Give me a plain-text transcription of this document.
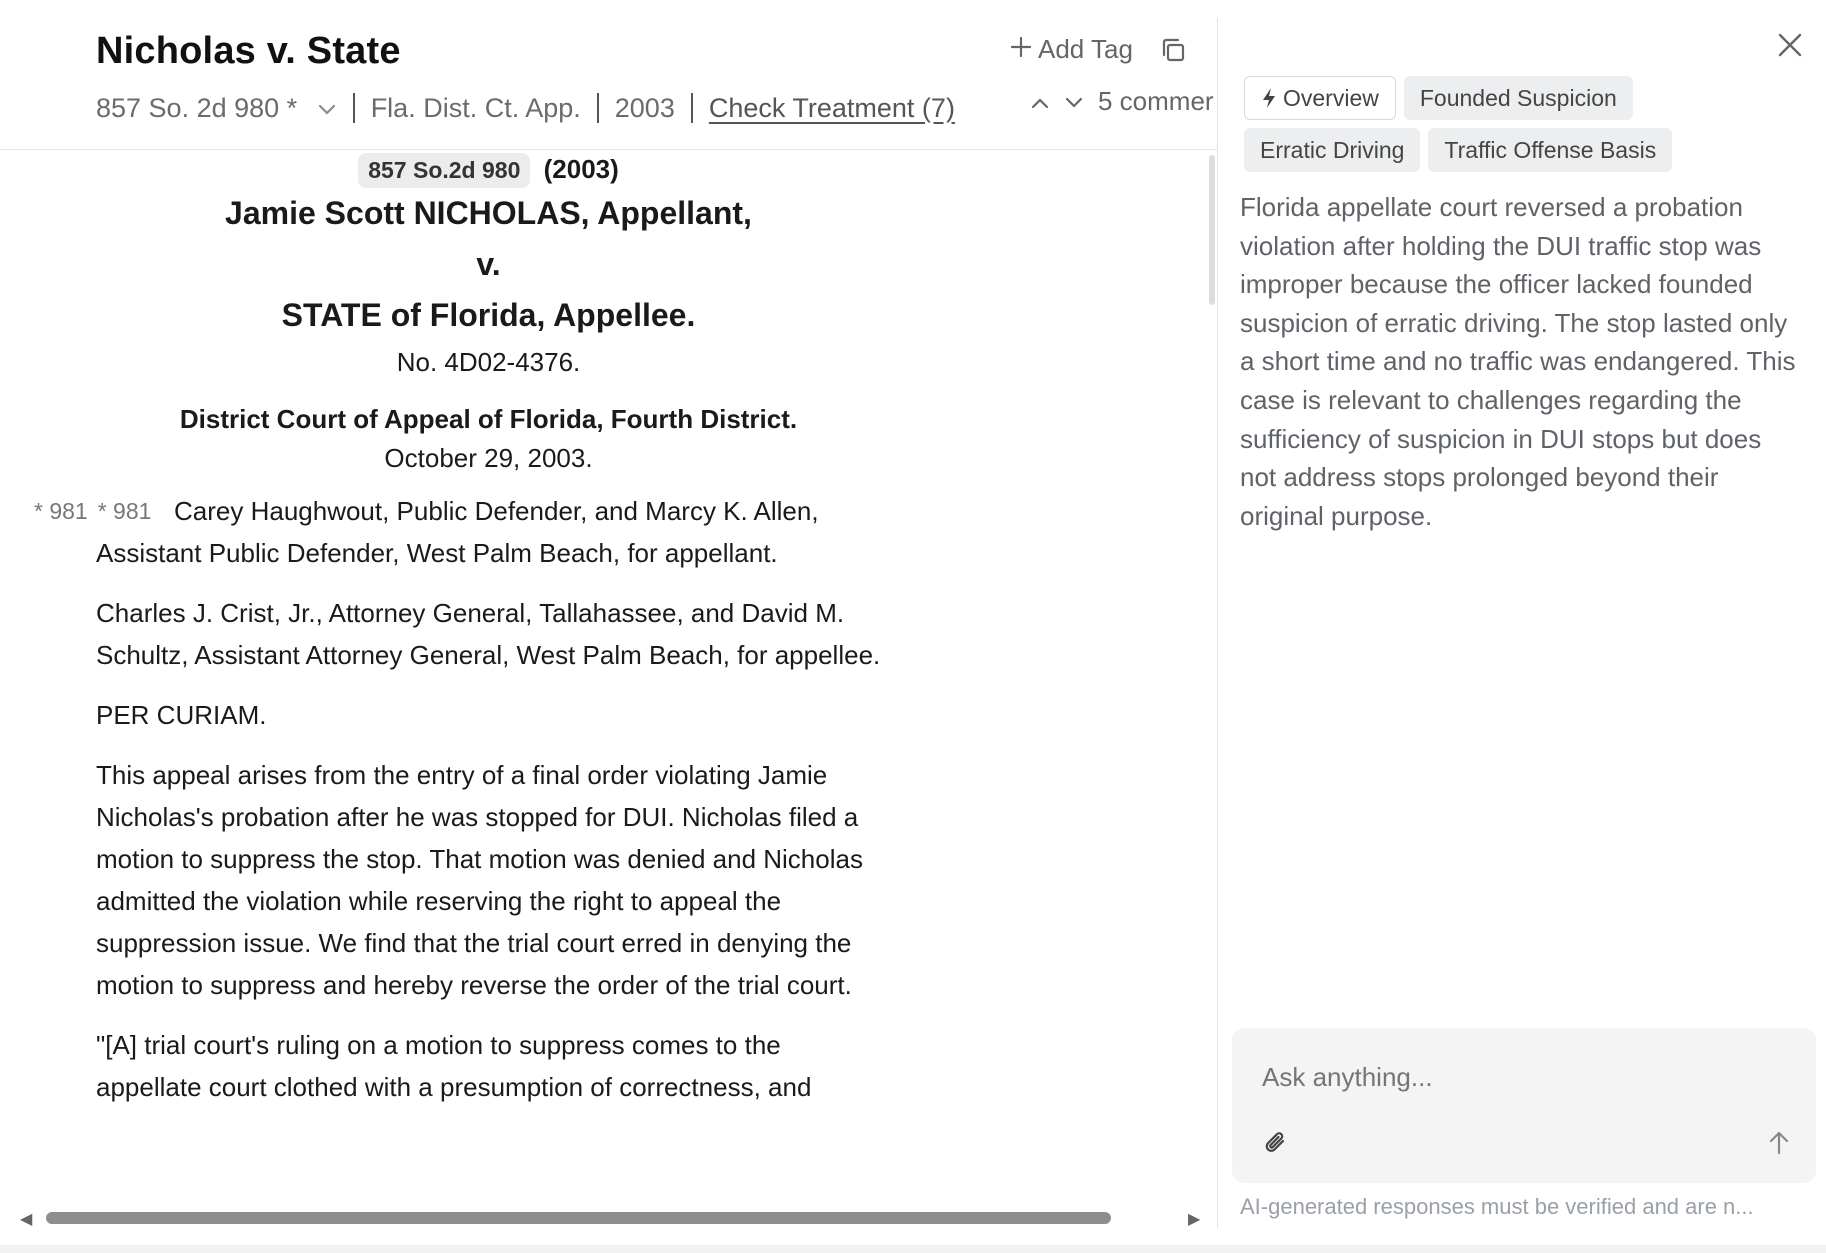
Nicholas v. State
857 So. 2d 980 *	Fla. Dist. Ct. App. 2003 Check Treatment (7)
Add Tag
5 commer
857 So.2d 980 (2003)
Jamie Scott NICHOLAS, Appellant,
v.
STATE of Florida, Appellee.
No. 4D02-4376.
District Court of Appeal of Florida, Fourth District.
October 29, 2003.
* 981 * 981 Carey Haughwout, Public Defender, and Marcy K. Allen,
Assistant Public Defender, West Palm Beach, for appellant.
Charles J. Crist, Jr., Attorney General, Tallahassee, and David M. Schultz, Assistant Attorney General, West Palm Beach, for appellee.
PER CURIAM.
This appeal arises from the entry of a final order violating Jamie Nicholas's probation after he was stopped for DUI. Nicholas filed a motion to suppress the stop. That motion was denied and Nicholas admitted the violation while reserving the right to appeal the suppression issue. We find that the trial court erred in denying the motion to suppress and hereby reverse the order of the trial court.
"[A] trial court's ruling on a motion to suppress comes to the appellate court clothed with a presumption of correctness, and
◀	▶
Overview	Founded Suspicion
Erratic Driving	Traffic Offense Basis
Florida appellate court reversed a probation violation after holding the DUI traffic stop was improper because the officer lacked founded suspicion of erratic driving. The stop lasted only a short time and no traffic was endangered. This case is relevant to challenges regarding the sufficiency of suspicion in DUI stops but does not address stops prolonged beyond their original purpose.
Ask anything...
AI-generated responses must be verified and are n...
